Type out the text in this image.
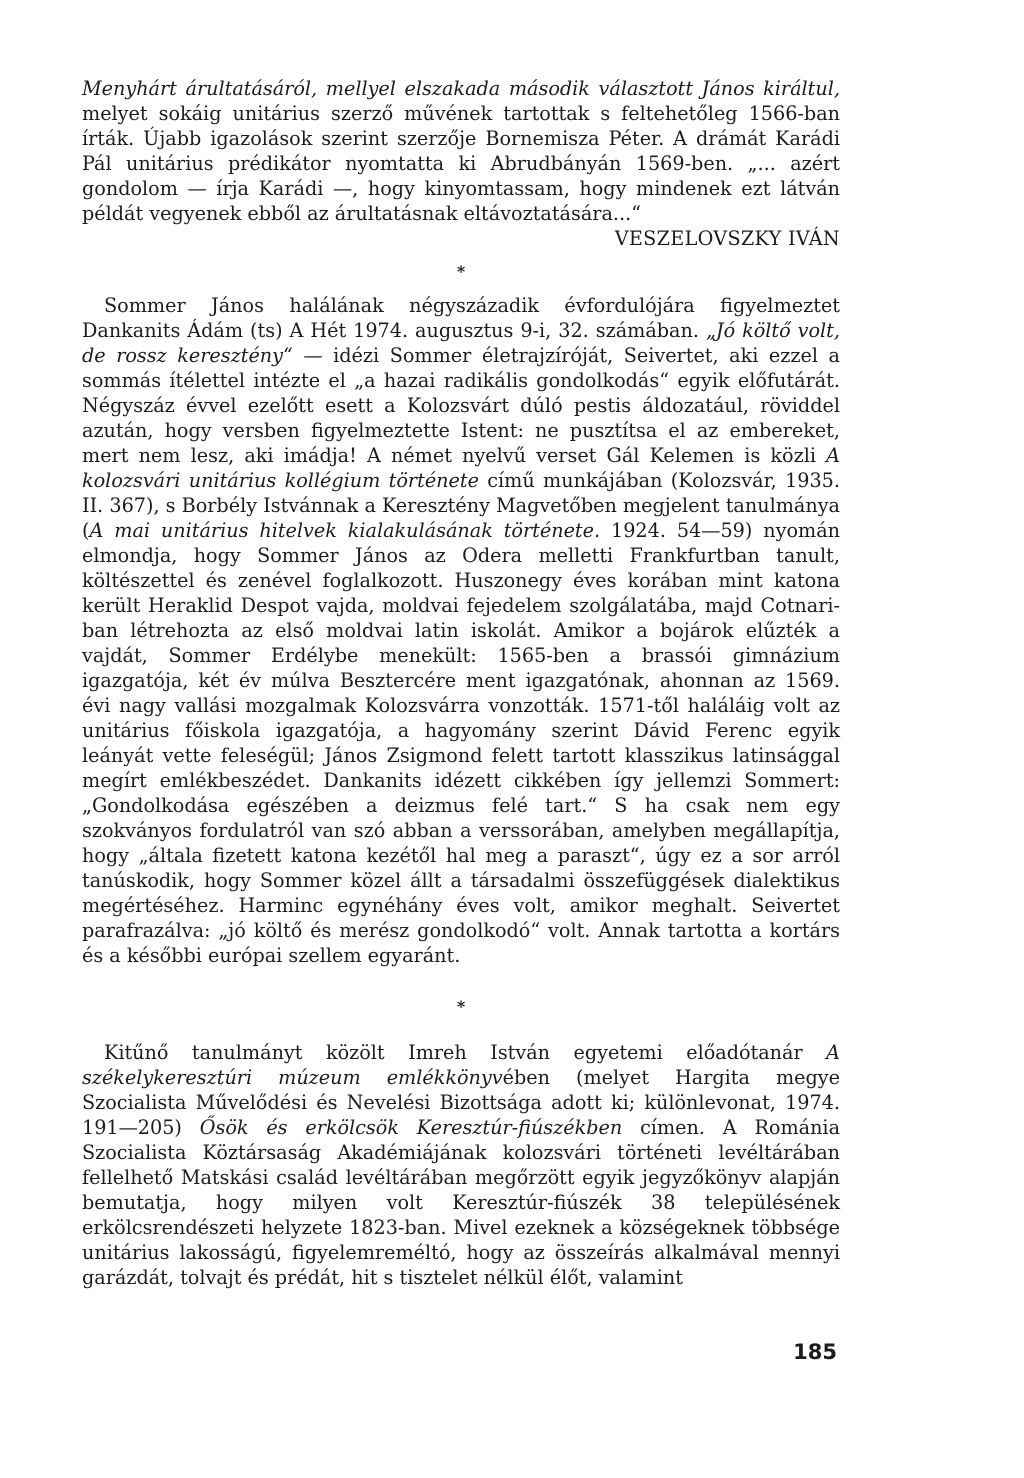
Menyhárt árultatásáról, mellyel elszakada második választott János királtul, melyet sokáig unitárius szerző művének tartottak s feltehetőleg 1566-ban írták. Újabb igazolások szerint szerzője Bornemisza Péter. A drámát Karádi Pál unitárius prédikátor nyomtatta ki Abrudbányán 1569-ben. „... azért gondolom — írja Karádi —, hogy kinyomtassam, hogy mindenek ezt látván példát vegyenek ebből az árultatásnak eltávoztatására...“

VESZELOVSZKY IVÁN

*

Sommer János halálának négyszázadik évfordulójára figyelmeztet Dankanits Ádám (ts) A Hét 1974. augusztus 9-i, 32. számában. „Jó költő volt, de rossz keresztény“ — idézi Sommer életrajzíróját, Seivertet, aki ezzel a sommás ítélettel intézte el „a hazai radikális gondolkodás“ egyik előfutárát. Négyszáz évvel ezelőtt esett a Kolozsvárt dúló pestis áldozatául, röviddel azután, hogy versben figyelmeztette Istent: ne pusztítsa el az embereket, mert nem lesz, aki imádja! A német nyelvű verset Gál Kelemen is közli A kolozsvári unitárius kollégium története című munkájában (Kolozsvár, 1935. II. 367), s Borbély Istvánnak a Keresztény Magvetőben megjelent tanulmánya (A mai unitárius hitelvek kialakulásának története. 1924. 54—59) nyomán elmondja, hogy Sommer János az Odera melletti Frankfurtban tanult, költészettel és zenével foglalkozott. Huszonegy éves korában mint katona került Heraklid Despot vajda, moldvai fejedelem szolgálatába, majd Cotnari-ban létrehozta az első moldvai latin iskolát. Amikor a bojárok elűzték a vajdát, Sommer Erdélybe menekült: 1565-ben a brassói gimnázium igazgatója, két év múlva Besztercére ment igazgatónak, ahonnan az 1569. évi nagy vallási mozgalmak Kolozsvárra vonzották. 1571-től haláláig volt az unitárius főiskola igazgatója, a hagyomány szerint Dávid Ferenc egyik leányát vette feleségül; János Zsigmond felett tartott klasszikus latinsággal megírt emlékbeszédet. Dankanits idézett cikkében így jellemzi Sommert: „Gondolkodása egészében a deizmus felé tart.“ S ha csak nem egy szokványos fordulatról van szó abban a verssorában, amelyben megállapítja, hogy „általa fizetett katona kezétől hal meg a paraszt“, úgy ez a sor arról tanúskodik, hogy Sommer közel állt a társadalmi összefüggések dialektikus megértéséhez. Harminc egynéhány éves volt, amikor meghalt. Seivertet parafrazálva: „jó költő és merész gondolkodó“ volt. Annak tartotta a kortárs és a későbbi európai szellem egyaránt.

*

Kitűnő tanulmányt közölt Imreh István egyetemi előadótanár A székelykeresztúri múzeum emlékkönyvében (melyet Hargita megye Szocialista Művelődési és Nevelési Bizottsága adott ki; különlevonat, 1974. 191—205) Ősök és erkölcsök Keresztúr-fiúszékben címen. A Románia Szocialista Köztársaság Akadémiájának kolozsvári történeti levéltárában fellelhető Matskási család levéltárában megőrzött egyik jegyzőkönyv alapján bemutatja, hogy milyen volt Keresztúr-fiúszék 38 településének erkölcsrendészeti helyzete 1823-ban. Mivel ezeknek a községeknek többsége unitárius lakosságú, figyelemreméltó, hogy az összeírás alkalmával mennyi garázdát, tolvajt és prédát, hit s tisztelet nélkül élőt, valamint

185
